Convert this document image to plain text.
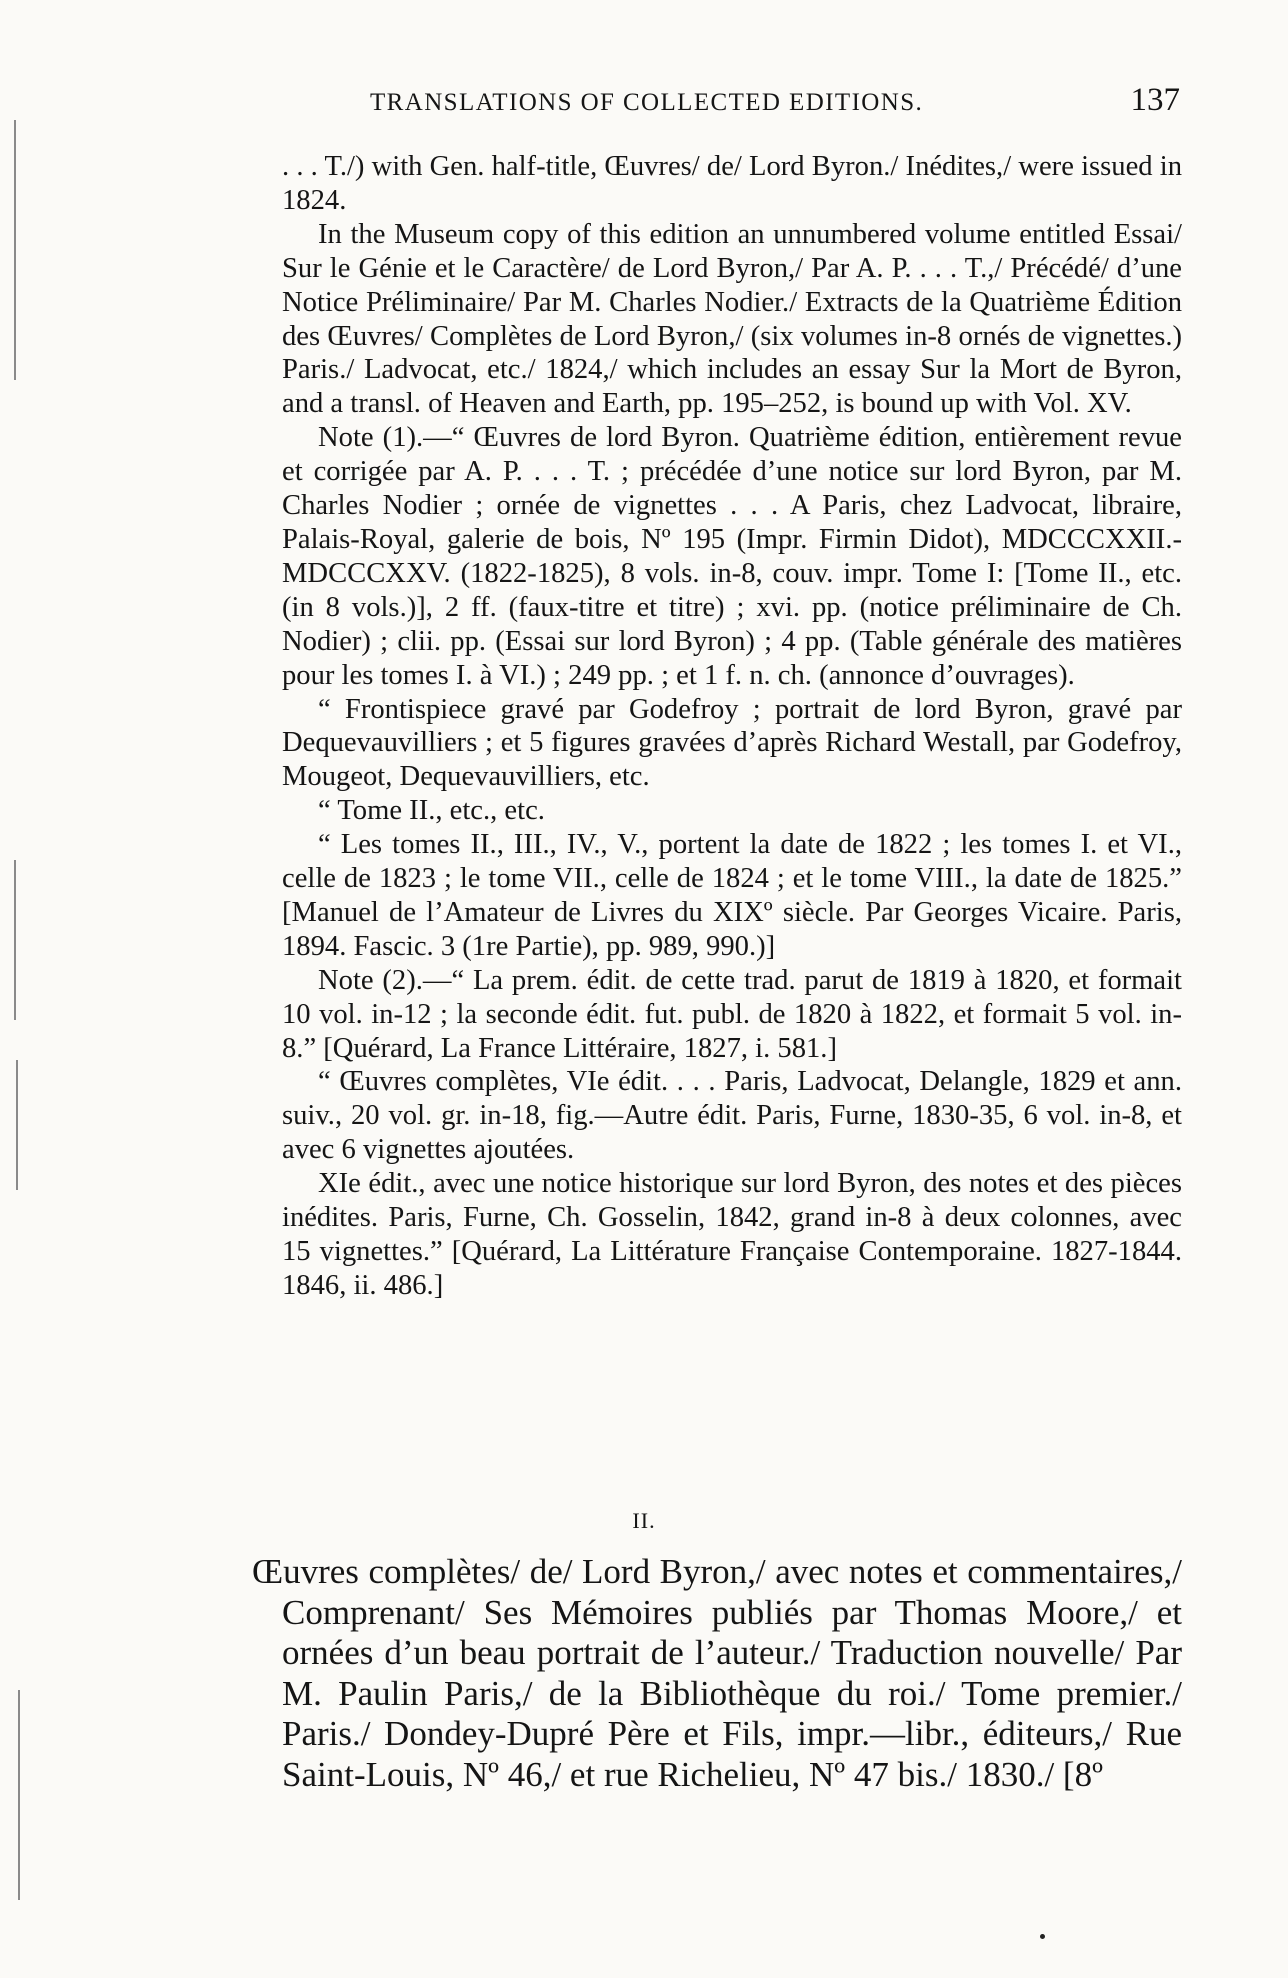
TRANSLATIONS OF COLLECTED EDITIONS.	137

. . . T./) with Gen. half-title, Œuvres/ de/ Lord Byron./ Inédites,/ were issued in 1824.

In the Museum copy of this edition an unnumbered volume entitled Essai/ Sur le Génie et le Caractère/ de Lord Byron,/ Par A. P. . . . T.,/ Précédé/ d’une Notice Préliminaire/ Par M. Charles Nodier./ Extracts de la Quatrième Édition des Œuvres/ Complètes de Lord Byron,/ (six volumes in-8 ornés de vignettes.) Paris./ Ladvocat, etc./ 1824,/ which includes an essay Sur la Mort de Byron, and a transl. of Heaven and Earth, pp. 195–252, is bound up with Vol. XV.

Note (1).—“ Œuvres de lord Byron. Quatrième édition, entièrement revue et corrigée par A. P. . . . T. ; précédée d’une notice sur lord Byron, par M. Charles Nodier ; ornée de vignettes . . . A Paris, chez Ladvocat, libraire, Palais-Royal, galerie de bois, Nº 195 (Impr. Firmin Didot), MDCCCXXII.-MDCCCXXV. (1822-1825), 8 vols. in-8, couv. impr. Tome I: [Tome II., etc. (in 8 vols.)], 2 ff. (faux-titre et titre) ; xvi. pp. (notice préliminaire de Ch. Nodier) ; clii. pp. (Essai sur lord Byron) ; 4 pp. (Table générale des matières pour les tomes I. à VI.) ; 249 pp. ; et 1 f. n. ch. (annonce d’ouvrages).

“ Frontispiece gravé par Godefroy ; portrait de lord Byron, gravé par Dequevauvilliers ; et 5 figures gravées d’après Richard Westall, par Godefroy, Mougeot, Dequevauvilliers, etc.

“ Tome II., etc., etc.

“ Les tomes II., III., IV., V., portent la date de 1822 ; les tomes I. et VI., celle de 1823 ; le tome VII., celle de 1824 ; et le tome VIII., la date de 1825.” [Manuel de l’Amateur de Livres du XIXº siècle. Par Georges Vicaire. Paris, 1894. Fascic. 3 (1re Partie), pp. 989, 990.)]

Note (2).—“ La prem. édit. de cette trad. parut de 1819 à 1820, et formait 10 vol. in-12 ; la seconde édit. fut. publ. de 1820 à 1822, et formait 5 vol. in-8.” [Quérard, La France Littéraire, 1827, i. 581.]

“ Œuvres complètes, VIe édit. . . . Paris, Ladvocat, Delangle, 1829 et ann. suiv., 20 vol. gr. in-18, fig.—Autre édit. Paris, Furne, 1830-35, 6 vol. in-8, et avec 6 vignettes ajoutées.

XIe édit., avec une notice historique sur lord Byron, des notes et des pièces inédites. Paris, Furne, Ch. Gosselin, 1842, grand in-8 à deux colonnes, avec 15 vignettes.” [Quérard, La Littérature Française Contemporaine. 1827-1844. 1846, ii. 486.]

II.

Œuvres complètes/ de/ Lord Byron,/ avec notes et commentaires,/ Comprenant/ Ses Mémoires publiés par Thomas Moore,/ et ornées d’un beau portrait de l’auteur./ Traduction nouvelle/ Par M. Paulin Paris,/ de la Bibliothèque du roi./ Tome premier./ Paris./ Dondey-Dupré Père et Fils, impr.—libr., éditeurs,/ Rue Saint-Louis, Nº 46,/ et rue Richelieu, Nº 47 bis./ 1830./ [8º
